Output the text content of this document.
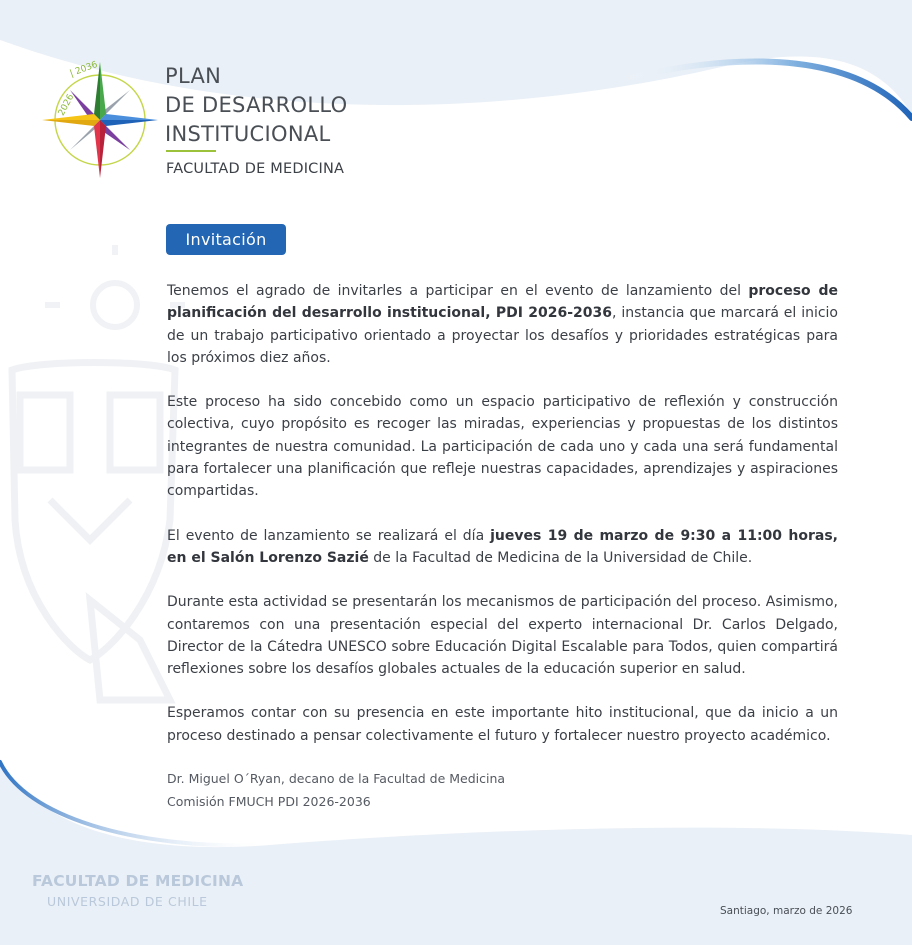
2026
| 2036	PLAN
DE DESARROLLO
INSTITUCIONAL
FACULTAD DE MEDICINA
Invitación

Tenemos el agrado de invitarles a participar en el evento de lanzamiento del proceso de planificación del desarrollo institucional, PDI 2026-2036, instancia que marcará el inicio de un trabajo participativo orientado a proyectar los desafíos y prioridades estratégicas para los próximos diez años.

Este proceso ha sido concebido como un espacio participativo de reflexión y construcción colectiva, cuyo propósito es recoger las miradas, experiencias y propuestas de los distintos integrantes de nuestra comunidad. La participación de cada uno y cada una será fundamental para fortalecer una planificación que refleje nuestras capacidades, aprendizajes y aspiraciones compartidas.

El evento de lanzamiento se realizará el día jueves 19 de marzo de 9:30 a 11:00 horas, en el Salón Lorenzo Sazié de la Facultad de Medicina de la Universidad de Chile.

Durante esta actividad se presentarán los mecanismos de participación del proceso. Asimismo, contaremos con una presentación especial del experto internacional Dr. Carlos Delgado, Director de la Cátedra UNESCO sobre Educación Digital Escalable para Todos, quien compartirá reflexiones sobre los desafíos globales actuales de la educación superior en salud.

Esperamos contar con su presencia en este importante hito institucional, que da inicio a un proceso destinado a pensar colectivamente el futuro y fortalecer nuestro proyecto académico.

Dr. Miguel O´Ryan, decano de la Facultad de Medicina
Comisión FMUCH PDI 2026-2036
FACULTAD DE MEDICINA
UNIVERSIDAD DE CHILE
Santiago, marzo de 2026
